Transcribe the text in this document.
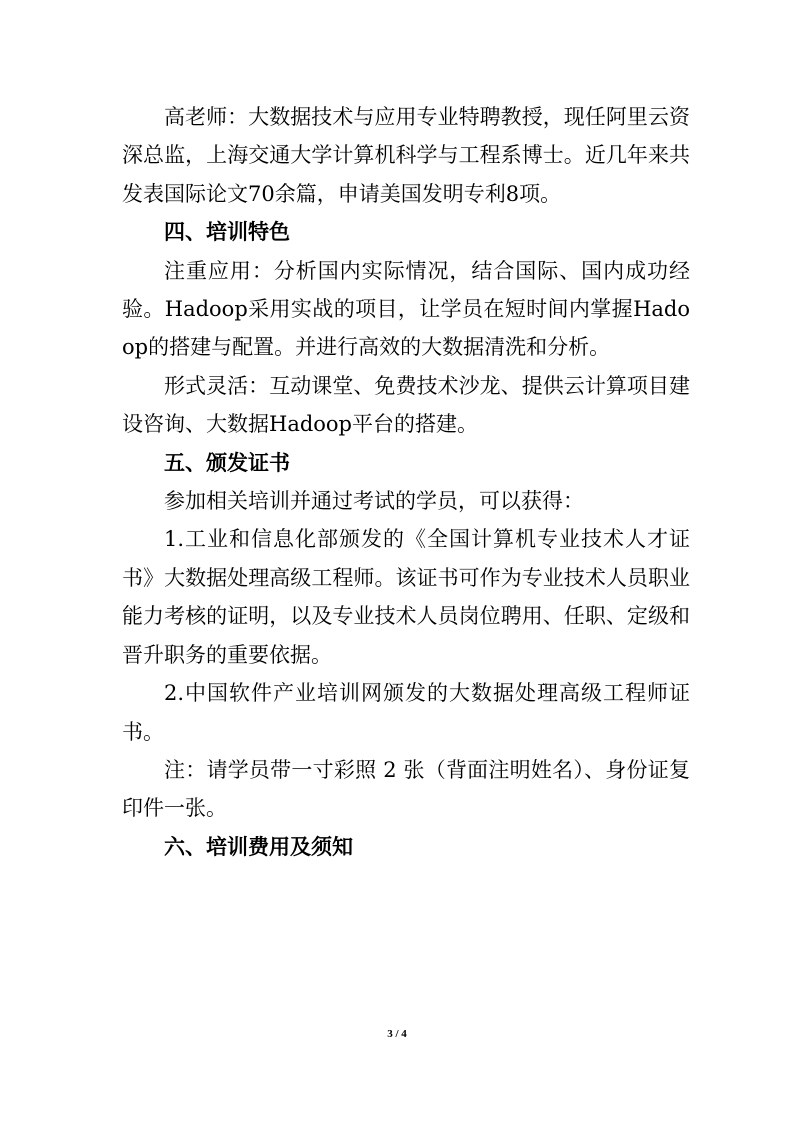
高老师：大数据技术与应用专业特聘教授，现任阿里云资深总监，上海交通大学计算机科学与工程系博士。近几年来共发表国际论文70余篇，申请美国发明专利8项。

四、培训特色

注重应用：分析国内实际情况，结合国际、国内成功经验。Hadoop采用实战的项目，让学员在短时间内掌握Hadoop的搭建与配置。并进行高效的大数据清洗和分析。

形式灵活：互动课堂、免费技术沙龙、提供云计算项目建设咨询、大数据Hadoop平台的搭建。

五、颁发证书

参加相关培训并通过考试的学员，可以获得：

1.工业和信息化部颁发的《全国计算机专业技术人才证书》大数据处理高级工程师。该证书可作为专业技术人员职业能力考核的证明，以及专业技术人员岗位聘用、任职、定级和晋升职务的重要依据。

2.中国软件产业培训网颁发的大数据处理高级工程师证书。

注：请学员带一寸彩照 2 张（背面注明姓名）、身份证复印件一张。

六、培训费用及须知

3 / 4
